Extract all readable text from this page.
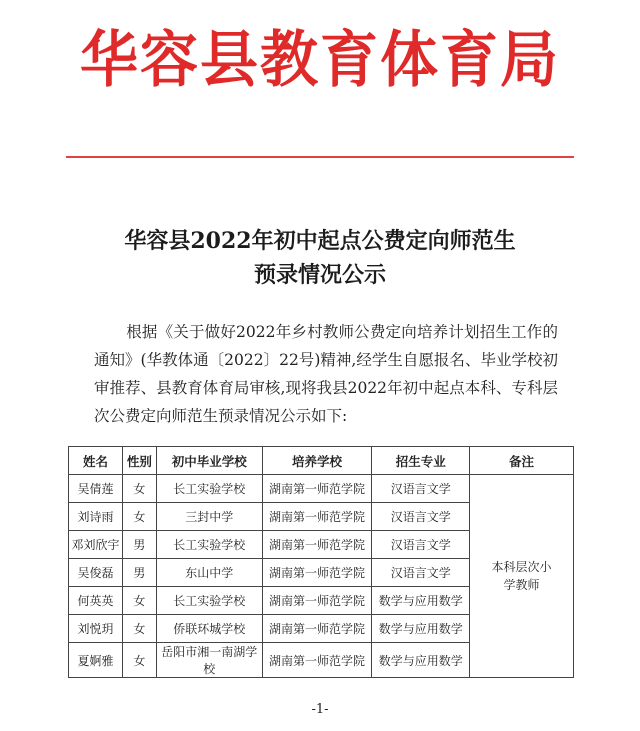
华容县教育体育局
华容县2022年初中起点公费定向师范生
预录情况公示
根据《关于做好2022年乡村教师公费定向培养计划招生工作的通知》(华教体通〔2022〕22号)精神,经学生自愿报名、毕业学校初审推荐、县教育体育局审核,现将我县2022年初中起点本科、专科层次公费定向师范生预录情况公示如下:
姓名	性别	初中毕业学校	培养学校	招生专业	备注
吴倩莲	女	长工实验学校	湖南第一师范学院	汉语言文学	本科层次小学教师
刘诗雨	女	三封中学	湖南第一师范学院	汉语言文学	
邓刘欣宇	男	长工实验学校	湖南第一师范学院	汉语言文学	
吴俊磊	男	东山中学	湖南第一师范学院	汉语言文学	
何英英	女	长工实验学校	湖南第一师范学院	数学与应用数学	
刘悦玥	女	侨联环城学校	湖南第一师范学院	数学与应用数学	
夏婀雅	女	岳阳市湘一南湖学校	湖南第一师范学院	数学与应用数学	
-1-
